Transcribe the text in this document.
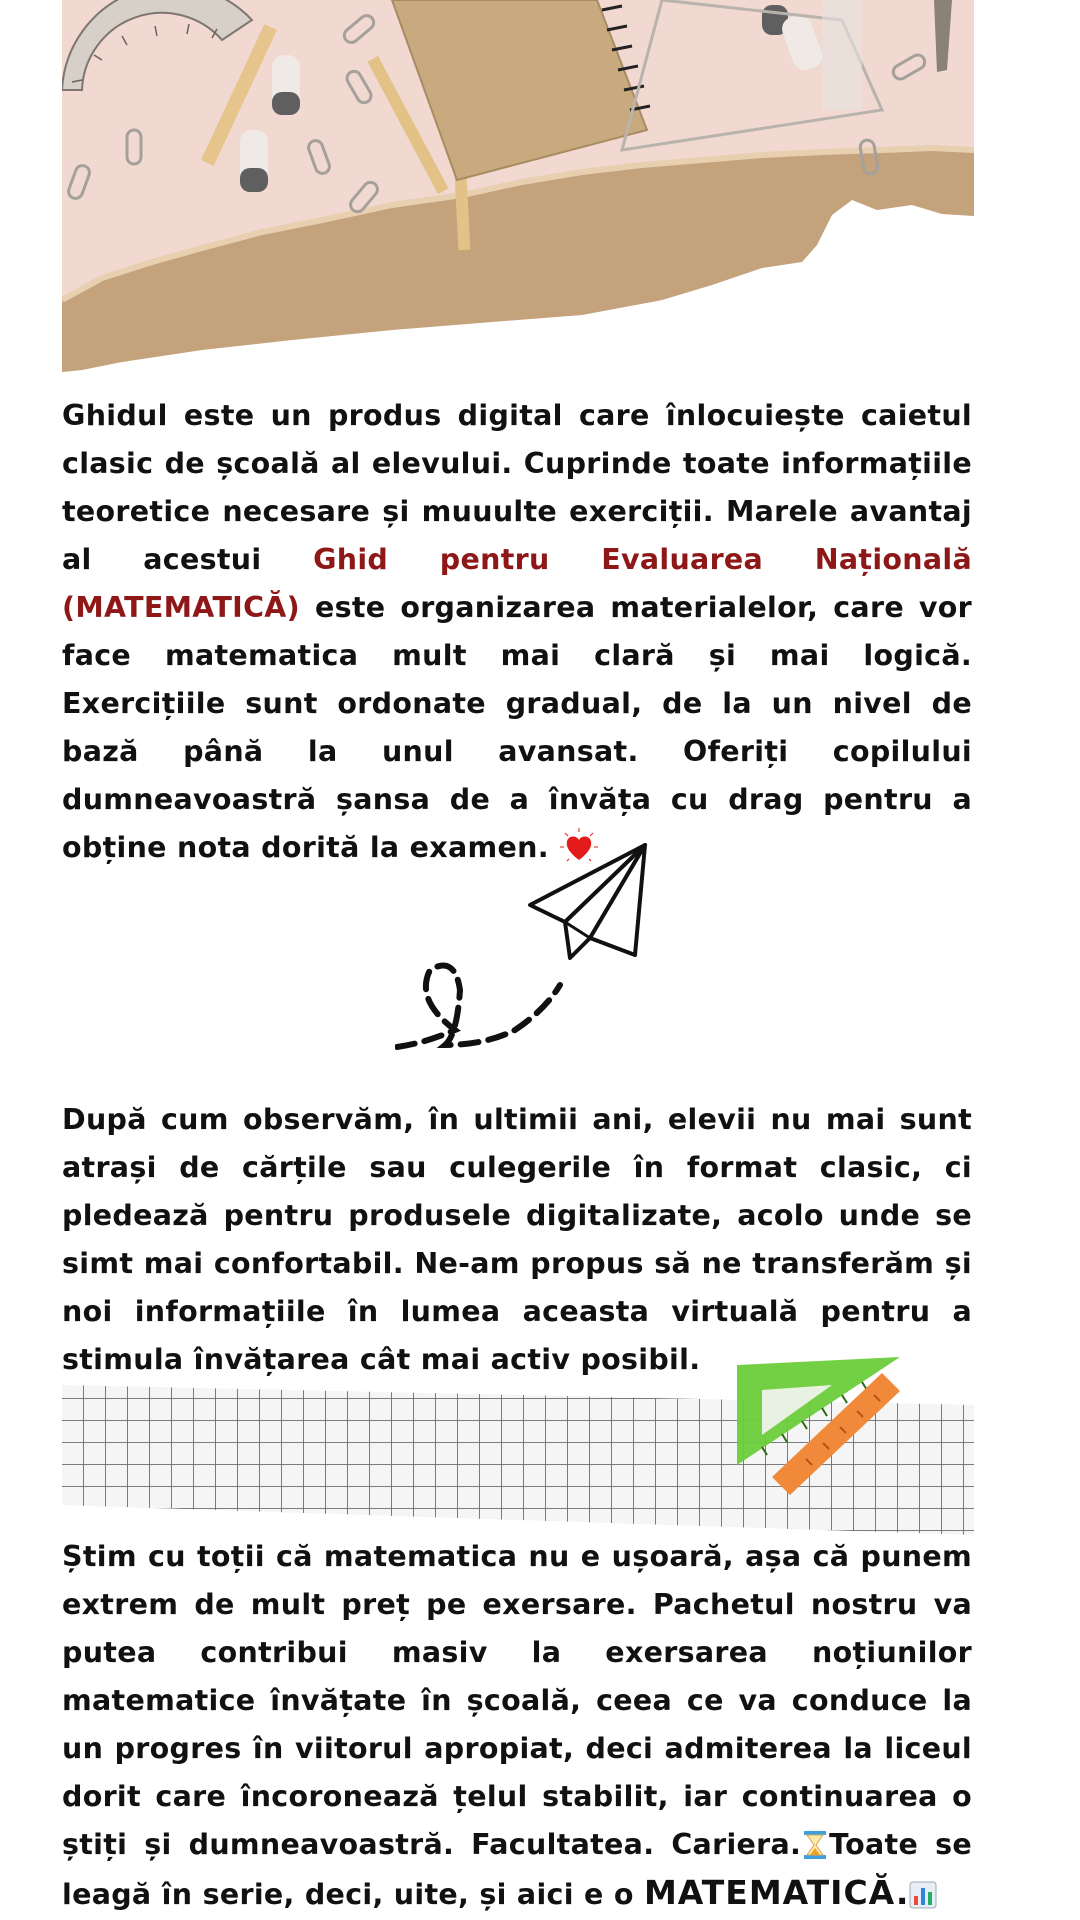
Ghidul este un produs digital care înlocuiește caietul clasic de școală al elevului. Cuprinde toate informațiile teoretice necesare și muuulte exerciții. Marele avantaj al acestui Ghid pentru Evaluarea Națională (MATEMATICĂ) este organizarea materialelor, care vor face matematica mult mai clară și mai logică. Exercițiile sunt ordonate gradual, de la un nivel de bază până la unul avansat. Oferiți copilului dumneavoastră șansa de a învăța cu drag pentru a obține nota dorită la examen.

După cum observăm, în ultimii ani, elevii nu mai sunt atrași de cărțile sau culegerile în format clasic, ci pledează pentru produsele digitalizate, acolo unde se simt mai confortabil. Ne-am propus să ne transferăm și noi informațiile în lumea aceasta virtuală pentru a stimula învățarea cât mai activ posibil.

Știm cu toții că matematica nu e ușoară, așa că punem extrem de mult preț pe exersare. Pachetul nostru va putea contribui masiv la exersarea noțiunilor matematice învățate în școală, ceea ce va conduce la un progres în viitorul apropiat, deci admiterea la liceul dorit care încoronează țelul stabilit, iar continuarea o știți și dumneavoastră. Facultatea. Cariera. Toate se leagă în serie, deci, uite, și aici e o MATEMATICĂ.
